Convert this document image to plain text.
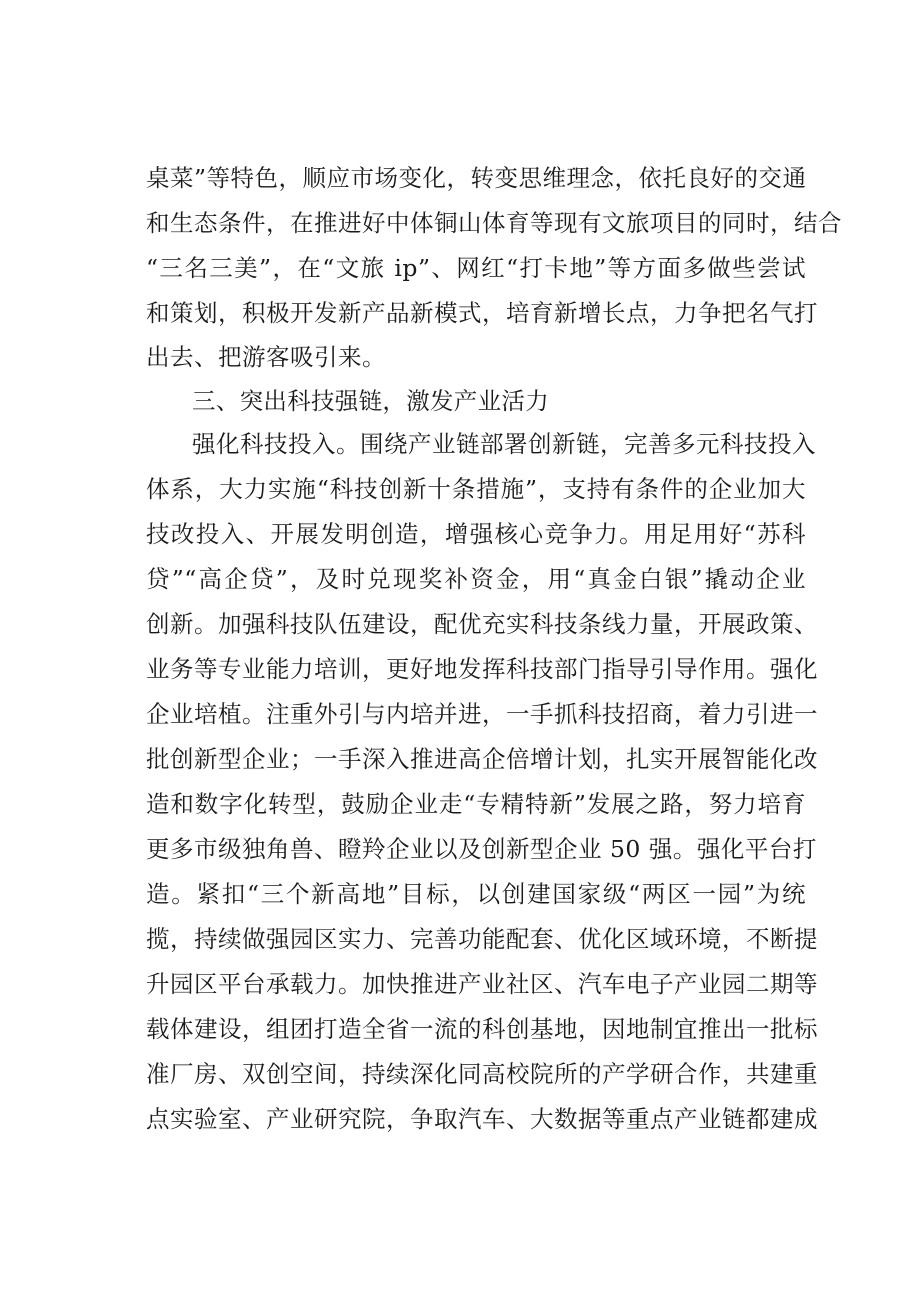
桌菜”等特色，顺应市场变化，转变思维理念，依托良好的交通
和生态条件，在推进好中体铜山体育等现有文旅项目的同时，结合
“三名三美”，在“文旅 ip”、网红“打卡地”等方面多做些尝试
和策划，积极开发新产品新模式，培育新增长点，力争把名气打
出去、把游客吸引来。
三、突出科技强链，激发产业活力
强化科技投入。围绕产业链部署创新链，完善多元科技投入
体系，大力实施“科技创新十条措施”，支持有条件的企业加大
技改投入、开展发明创造，增强核心竞争力。用足用好“苏科
贷”“高企贷”，及时兑现奖补资金，用“真金白银”撬动企业
创新。加强科技队伍建设，配优充实科技条线力量，开展政策、
业务等专业能力培训，更好地发挥科技部门指导引导作用。强化
企业培植。注重外引与内培并进，一手抓科技招商，着力引进一
批创新型企业；一手深入推进高企倍增计划，扎实开展智能化改
造和数字化转型，鼓励企业走“专精特新”发展之路，努力培育
更多市级独角兽、瞪羚企业以及创新型企业 50 强。强化平台打
造。紧扣“三个新高地”目标，以创建国家级“两区一园”为统
揽，持续做强园区实力、完善功能配套、优化区域环境，不断提
升园区平台承载力。加快推进产业社区、汽车电子产业园二期等
载体建设，组团打造全省一流的科创基地，因地制宜推出一批标
准厂房、双创空间，持续深化同高校院所的产学研合作，共建重
点实验室、产业研究院，争取汽车、大数据等重点产业链都建成
